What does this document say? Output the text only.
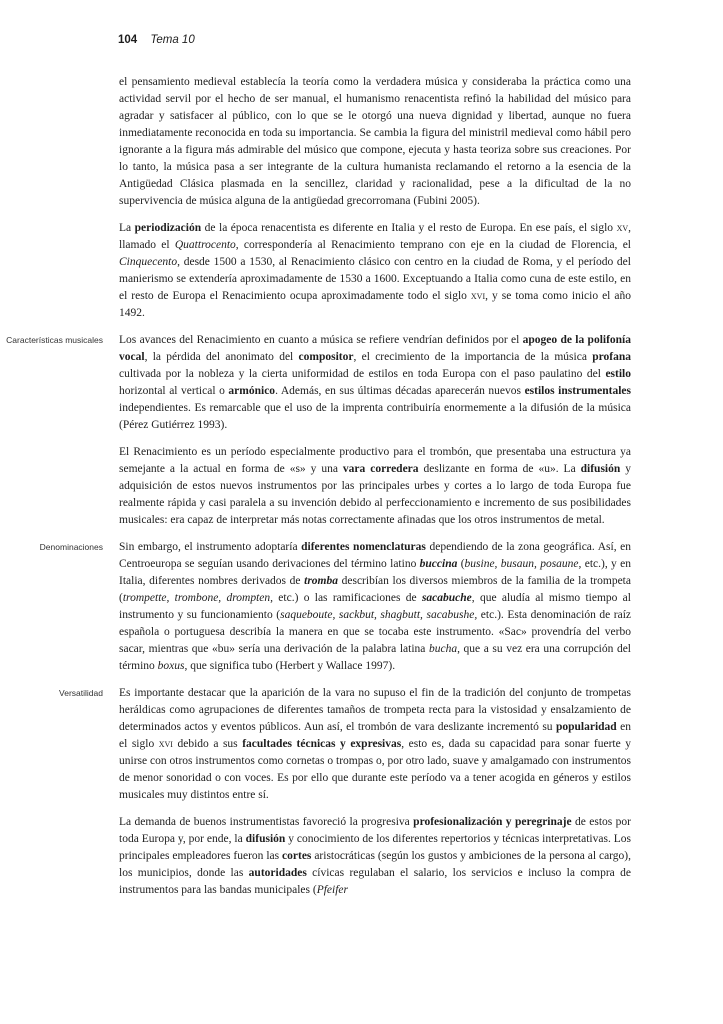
104 Tema 10

el pensamiento medieval establecía la teoría como la verdadera música y consideraba la práctica como una actividad servil por el hecho de ser manual, el humanismo renacentista refinó la habilidad del músico para agradar y satisfacer al público, con lo que se le otorgó una nueva dignidad y libertad, aunque no fuera inmediatamente reconocida en toda su importancia. Se cambia la figura del ministril medieval como hábil pero ignorante a la figura más admirable del músico que compone, ejecuta y hasta teoriza sobre sus creaciones. Por lo tanto, la música pasa a ser integrante de la cultura humanista reclamando el retorno a la esencia de la Antigüedad Clásica plasmada en la sencillez, claridad y racionalidad, pese a la dificultad de la no supervivencia de música alguna de la antigüedad grecorromana (Fubini 2005).

La periodización de la época renacentista es diferente en Italia y el resto de Europa. En ese país, el siglo xv, llamado el Quattrocento, correspondería al Renacimiento temprano con eje en la ciudad de Florencia, el Cinquecento, desde 1500 a 1530, al Renacimiento clásico con centro en la ciudad de Roma, y el período del manierismo se extendería aproximadamente de 1530 a 1600. Exceptuando a Italia como cuna de este estilo, en el resto de Europa el Renacimiento ocupa aproximadamente todo el siglo xvi, y se toma como inicio el año 1492.

Características musicales Los avances del Renacimiento en cuanto a música se refiere vendrían definidos por el apogeo de la polifonía vocal, la pérdida del anonimato del compositor, el crecimiento de la importancia de la música profana cultivada por la nobleza y la cierta uniformidad de estilos en toda Europa con el paso paulatino del estilo horizontal al vertical o armónico. Además, en sus últimas décadas aparecerán nuevos estilos instrumentales independientes. Es remarcable que el uso de la imprenta contribuiría enormemente a la difusión de la música (Pérez Gutiérrez 1993).

El Renacimiento es un período especialmente productivo para el trombón, que presentaba una estructura ya semejante a la actual en forma de «s» y una vara corredera deslizante en forma de «u». La difusión y adquisición de estos nuevos instrumentos por las principales urbes y cortes a lo largo de toda Europa fue realmente rápida y casi paralela a su invención debido al perfeccionamiento e incremento de sus posibilidades musicales: era capaz de interpretar más notas correctamente afinadas que los otros instrumentos de metal.

Denominaciones Sin embargo, el instrumento adoptaría diferentes nomenclaturas dependiendo de la zona geográfica. Así, en Centroeuropa se seguían usando derivaciones del término latino buccina (busine, busaun, posaune, etc.), y en Italia, diferentes nombres derivados de tromba describían los diversos miembros de la familia de la trompeta (trompette, trombone, drompten, etc.) o las ramificaciones de sacabuche, que aludía al mismo tiempo al instrumento y su funcionamiento (saqueboute, sackbut, shagbutt, sacabushe, etc.). Esta denominación de raíz española o portuguesa describía la manera en que se tocaba este instrumento. «Sac» provendría del verbo sacar, mientras que «bu» sería una derivación de la palabra latina bucha, que a su vez era una corrupción del término boxus, que significa tubo (Herbert y Wallace 1997).

Versatilidad Es importante destacar que la aparición de la vara no supuso el fin de la tradición del conjunto de trompetas heráldicas como agrupaciones de diferentes tamaños de trompeta recta para la vistosidad y ensalzamiento de determinados actos y eventos públicos. Aun así, el trombón de vara deslizante incrementó su popularidad en el siglo xvi debido a sus facultades técnicas y expresivas, esto es, dada su capacidad para sonar fuerte y unirse con otros instrumentos como cornetas o trompas o, por otro lado, suave y amalgamado con instrumentos de menor sonoridad o con voces. Es por ello que durante este período va a tener acogida en géneros y estilos musicales muy distintos entre sí.

La demanda de buenos instrumentistas favoreció la progresiva profesionalización y peregrinaje de estos por toda Europa y, por ende, la difusión y conocimiento de los diferentes repertorios y técnicas interpretativas. Los principales empleadores fueron las cortes aristocráticas (según los gustos y ambiciones de la persona al cargo), los municipios, donde las autoridades cívicas regulaban el salario, los servicios e incluso la compra de instrumentos para las bandas municipales (Pfeifer
